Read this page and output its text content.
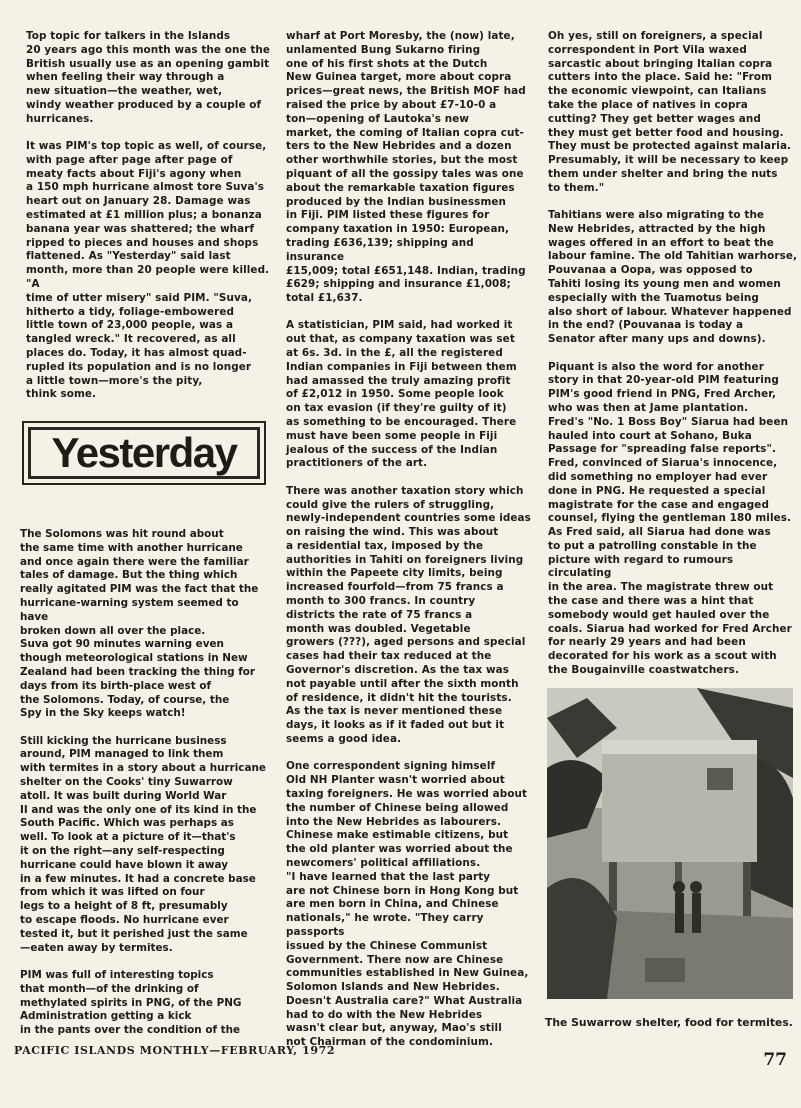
Top topic for talkers in the Islands
20 years ago this month was the one the British usually use as an opening gambit when feeling their way through a
new situation—the weather, wet,
windy weather produced by a couple of hurricanes.

It was PIM's top topic as well, of course, with page after page after page of
meaty facts about Fiji's agony when
a 150 mph hurricane almost tore Suva's heart out on January 28. Damage was estimated at £1 million plus; a bonanza banana year was shattered; the wharf ripped to pieces and houses and shops flattened. As "Yesterday" said last month, more than 20 people were killed. "A
time of utter misery" said PIM. "Suva,
hitherto a tidy, foliage-embowered
little town of 23,000 people, was a
tangled wreck." It recovered, as all places do. Today, it has almost quad-
rupled its population and is no longer
a little town—more's the pity,
think some.

Yesterday

The Solomons was hit round about
the same time with another hurricane
and once again there were the familiar
tales of damage. But the thing which
really agitated PIM was the fact that the
hurricane-warning system seemed to have
broken down all over the place.
Suva got 90 minutes warning even
though meteorological stations in New
Zealand had been tracking the thing for
days from its birth-place west of
the Solomons. Today, of course, the
Spy in the Sky keeps watch!

Still kicking the hurricane business
around, PIM managed to link them
with termites in a story about a hurricane
shelter on the Cooks' tiny Suwarrow
atoll. It was built during World War
II and was the only one of its kind in the
South Pacific. Which was perhaps as
well. To look at a picture of it—that's
it on the right—any self-respecting
hurricane could have blown it away
in a few minutes. It had a concrete base
from which it was lifted on four
legs to a height of 8 ft, presumably
to escape floods. No hurricane ever
tested it, but it perished just the same
—eaten away by termites.

PIM was full of interesting topics
that month—of the drinking of
methylated spirits in PNG, of the PNG
Administration getting a kick
in the pants over the condition of the

wharf at Port Moresby, the (now) late,
unlamented Bung Sukarno firing
one of his first shots at the Dutch
New Guinea target, more about copra
prices—great news, the British MOF had
raised the price by about £7-10-0 a
ton—opening of Lautoka's new
market, the coming of Italian copra cut-
ters to the New Hebrides and a dozen
other worthwhile stories, but the most
piquant of all the gossipy tales was one
about the remarkable taxation figures
produced by the Indian businessmen
in Fiji. PIM listed these figures for
company taxation in 1950: European,
trading £636,139; shipping and insurance
£15,009; total £651,148. Indian, trading
£629; shipping and insurance £1,008;
total £1,637.

A statistician, PIM said, had worked it
out that, as company taxation was set
at 6s. 3d. in the £, all the registered
Indian companies in Fiji between them
had amassed the truly amazing profit
of £2,012 in 1950. Some people look
on tax evasion (if they're guilty of it)
as something to be encouraged. There
must have been some people in Fiji
jealous of the success of the Indian
practitioners of the art.

There was another taxation story which
could give the rulers of struggling,
newly-independent countries some ideas
on raising the wind. This was about
a residential tax, imposed by the
authorities in Tahiti on foreigners living
within the Papeete city limits, being
increased fourfold—from 75 francs a
month to 300 francs. In country
districts the rate of 75 francs a
month was doubled. Vegetable
growers (???), aged persons and special
cases had their tax reduced at the
Governor's discretion. As the tax was
not payable until after the sixth month
of residence, it didn't hit the tourists.
As the tax is never mentioned these
days, it looks as if it faded out but it
seems a good idea.

One correspondent signing himself
Old NH Planter wasn't worried about
taxing foreigners. He was worried about
the number of Chinese being allowed
into the New Hebrides as labourers.
Chinese make estimable citizens, but
the old planter was worried about the
newcomers' political affiliations.
"I have learned that the last party
are not Chinese born in Hong Kong but
are men born in China, and Chinese
nationals," he wrote. "They carry passports
issued by the Chinese Communist
Government. There now are Chinese
communities established in New Guinea,
Solomon Islands and New Hebrides.
Doesn't Australia care?" What Australia
had to do with the New Hebrides
wasn't clear but, anyway, Mao's still
not Chairman of the condominium.

Oh yes, still on foreigners, a special
correspondent in Port Vila waxed
sarcastic about bringing Italian copra
cutters into the place. Said he: "From
the economic viewpoint, can Italians
take the place of natives in copra
cutting? They get better wages and
they must get better food and housing.
They must be protected against malaria.
Presumably, it will be necessary to keep
them under shelter and bring the nuts
to them."

Tahitians were also migrating to the
New Hebrides, attracted by the high
wages offered in an effort to beat the
labour famine. The old Tahitian warhorse,
Pouvanaa a Oopa, was opposed to
Tahiti losing its young men and women
especially with the Tuamotus being
also short of labour. Whatever happened
in the end? (Pouvanaa is today a
Senator after many ups and downs).

Piquant is also the word for another
story in that 20-year-old PIM featuring
PIM's good friend in PNG, Fred Archer,
who was then at Jame plantation.
Fred's "No. 1 Boss Boy" Siarua had been
hauled into court at Sohano, Buka
Passage for "spreading false reports".
Fred, convinced of Siarua's innocence,
did something no employer had ever
done in PNG. He requested a special
magistrate for the case and engaged
counsel, flying the gentleman 180 miles.
As Fred said, all Siarua had done was
to put a patrolling constable in the
picture with regard to rumours circulating
in the area. The magistrate threw out
the case and there was a hint that
somebody would get hauled over the
coals. Siarua had worked for Fred Archer
for nearly 29 years and had been
decorated for his work as a scout with
the Bougainville coastwatchers.

The Suwarrow shelter, food for termites.
PACIFIC ISLANDS MONTHLY—FEBRUARY, 1972	77
